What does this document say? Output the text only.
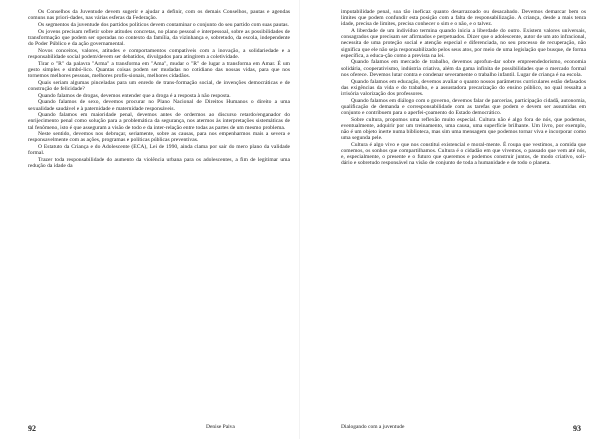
Os Conselhos da Juventude devem sugerir e ajudar a definir, com os demais Conselhos, pautas e agendas comuns nas priori-dades, nas várias esferas da Federação.

Os segmentos da juventude dos partidos políticos devem contaminar o conjunto do seu partido com suas pautas.

Os jovens precisam refletir sobre atitudes concretas, no plano pessoal e interpessoal, sobre as possibilidades de transformação que podem ser operadas no contexto da família, da vizinhança e, sobretudo, da escola, independente do Poder Público e da ação governamental.

Novos conceitos, valores, atitudes e comportamentos compatíveis com a inovação, a solidariedade e a responsabilidade social podem/devem ser debatidos, divulgados para atingirem a coletividade.

Tirar o "R" da palavra "Arma" a transforma em "Ama", mudar o "R" de lugar a transforma em Amar. É um gesto simples e simbó-lico. Quantas coisas podem ser mudadas no cotidiano das nossas vidas, para que nos tornemos melhores pessoas, melhores profis-sionais, melhores cidadãos.

Quais seriam algumas pinceladas para um enredo de trans-formação social, de invenções democráticas e de construção de felicidade?

Quando falamos de drogas, devemos entender que a droga é a resposta à não resposta.

Quando falamos de sexo, devemos procurar no Plano Nacional de Direitos Humanos o direito a uma sexualidade saudável e à paternidade e maternidade responsáveis.

Quando falamos em maioridade penal, devemos antes de ordermos ao discurso retardo/enganador do enrijecimento penal como solução para a problemática da segurança, nos atermos às interpretações sistemáticas de tal fenômeno, isto é que asseguram a visão de todo e da inter-relação entre todas as partes de um mesmo problema.

Neste sentido, devemos nos debruçar, seriamente, sobre as causas, para nos empenharmos mais a severa e responsavelmente com as ações, programas e políticas públicas preventivas.

O Estatuto da Criança e do Adolescente (ECA), Lei de 1990, ainda clama por sair do mero plano da validade formal.

Trazer toda responsabilidade do aumento da violência urbana para os adolescentes, a fim de legitimar uma redução da idade da

92	Denise Paiva

imputabilidade penal, soa tão ineficaz quanto desarrazoado ou desacabado. Devemos demarcar bem os limites que podem confundir esta posição com a falta de responsabilização. A criança, desde a mais tenra idade, precisa de limites, precisa conhecer o sim e o não, e o talvez.

A liberdade de um indivíduo termina quando inicia a liberdade do outro. Existem valores universais, consagrados que precisam ser afirmados e perpetuados. Dizer que o adolescente, autor de um ato infracional, necessita de uma proteção social e atenção especial e diferenciada, no seu processo de recuperação, não significa que ele não seja responsabilizado pelos seus atos, por meio de uma legislação que busque, de forma específica, a educa-ção como a prevista na lei.

Quando falamos em mercado de trabalho, devemos aprofun-dar sobre empreendedorismo, economia solidária, cooperativismo, indústria criativa, além da gama infinita de possibilidades que o mercado formal nos oferece. Devemos lutar contra e condenar severamente o trabalho infantil. Lugar de criança é na escola.

Quando falamos em educação, devemos avaliar o quanto nossos parâmetros curriculares estão defasados das exigências da vida e do trabalho, e a assustadora precarização do ensino público, no qual ressalta a irrisória valorização dos professores.

Quando falamos em diálogo com o governo, devemos falar de parcerias, participação cidadã, autonomia, qualificação de demanda e corresponsabilidade com as tarefas que podem e devem ser assumidas em conjunto e contribuem para o aperfei-çoamento do Estado democrático.

Sobre cultura, propomos uma reflexão muito especial. Cultura não é algo fora de nós, que podemos, eventualmente, adquirir por um treinamento, uma causa, uma superfície brilhante. Um livro, por exemplo, não é um objeto inerte numa biblioteca, mas sim uma mensagem que podemos tornar viva e incorporar como uma segunda pele.

Cultura é algo vivo e que nos constitui existencial e moral-mente. É roupa que vestimos, a comida que comemos, os sonhos que compartilhamos. Cultura é o cidadão em que vivemos, o passado que vem até nós, e, especialmente, o presente e o futuro que queremos e podemos construir juntos, de modo criativo, soli-dário e sobretudo responsável na visão de conjunto de toda a humanidade e de todo o planeta.

Dialogando com a juventude	93
